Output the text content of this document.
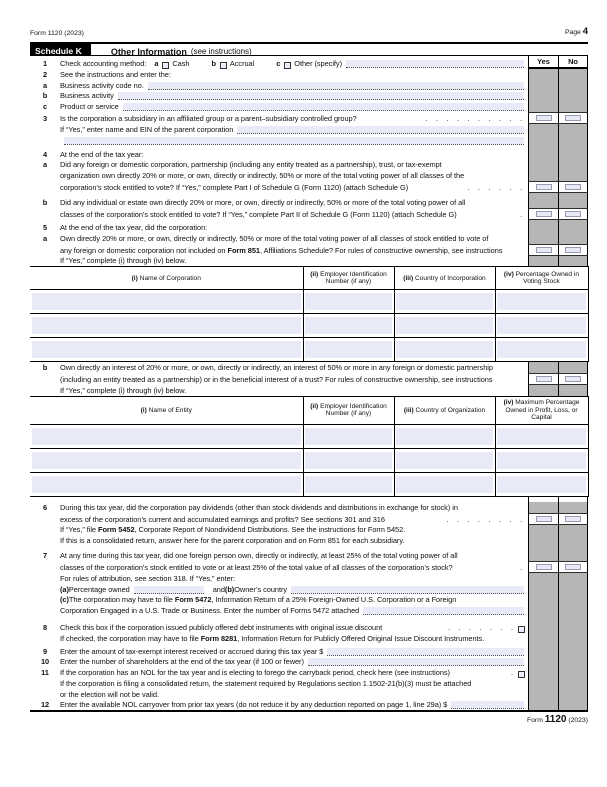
Form 1120 (2023)	Page 4
Schedule K	Other Information (see instructions)
1	Check accounting method: a Cash	b Accrual	c Other (specify)	Yes	No
2	See the instructions and enter the:
a	Business activity code no.
b	Business activity
c	Product or service
3	Is the corporation a subsidiary in an affiliated group or a parent–subsidiary controlled group?	. . . . . . . . . .
If “Yes,” enter name and EIN of the parent corporation
4	At the end of the tax year:
a	Did any foreign or domestic corporation, partnership (including any entity treated as a partnership), trust, or tax-exempt
organization own directly 20% or more, or own, directly or indirectly, 50% or more of the total voting power of all classes of the
corporation’s stock entitled to vote? If “Yes,” complete Part I of Schedule G (Form 1120) (attach Schedule G)	. . . . . .
b	Did any individual or estate own directly 20% or more, or own, directly or indirectly, 50% or more of the total voting power of all
classes of the corporation’s stock entitled to vote? If “Yes,” complete Part II of Schedule G (Form 1120) (attach Schedule G)	.
5	At the end of the tax year, did the corporation:
a	Own directly 20% or more, or own, directly or indirectly, 50% or more of the total voting power of all classes of stock entitled to vote of
any foreign or domestic corporation not included on Form 851, Affiliations Schedule? For rules of constructive ownership, see instructions
If “Yes,” complete (i) through (iv) below.
(i) Name of Corporation	(ii) Employer Identification Number (if any)	(iii) Country of Incorporation	(iv) Percentage Owned in Voting Stock

b	Own directly an interest of 20% or more, or own, directly or indirectly, an interest of 50% or more in any foreign or domestic partnership
(including an entity treated as a partnership) or in the beneficial interest of a trust? For rules of constructive ownership, see instructions
If “Yes,” complete (i) through (iv) below.
(i) Name of Entity	(ii) Employer Identification Number (if any)	(iii) Country of Organization	(iv) Maximum Percentage Owned in Profit, Loss, or Capital

6	During this tax year, did the corporation pay dividends (other than stock dividends and distributions in exchange for stock) in
excess of the corporation’s current and accumulated earnings and profits? See sections 301 and 316	. . . . . . . .
If “Yes,” file Form 5452, Corporate Report of Nondividend Distributions. See the instructions for Form 5452.
If this is a consolidated return, answer here for the parent corporation and on Form 851 for each subsidiary.
7	At any time during this tax year, did one foreign person own, directly or indirectly, at least 25% of the total voting power of all
classes of the corporation’s stock entitled to vote or at least 25% of the total value of all classes of the corporation’s stock?	.
For rules of attribution, see section 318. If “Yes,” enter:
(a) Percentage owned	and (b) Owner’s country
(c) The corporation may have to file Form 5472, Information Return of a 25% Foreign-Owned U.S. Corporation or a Foreign
Corporation Engaged in a U.S. Trade or Business. Enter the number of Forms 5472 attached
8	Check this box if the corporation issued publicly offered debt instruments with original issue discount	. . . . . . .
If checked, the corporation may have to file Form 8281, Information Return for Publicly Offered Original Issue Discount Instruments.
9	Enter the amount of tax-exempt interest received or accrued during this tax year $
10	Enter the number of shareholders at the end of the tax year (if 100 or fewer)
11	If the corporation has an NOL for the tax year and is electing to forego the carryback period, check here (see instructions)	.
If the corporation is filing a consolidated return, the statement required by Regulations section 1.1502-21(b)(3) must be attached
or the election will not be valid.
12	Enter the available NOL carryover from prior tax years (do not reduce it by any deduction reported on page 1, line 29a) $
Form 1120 (2023)
